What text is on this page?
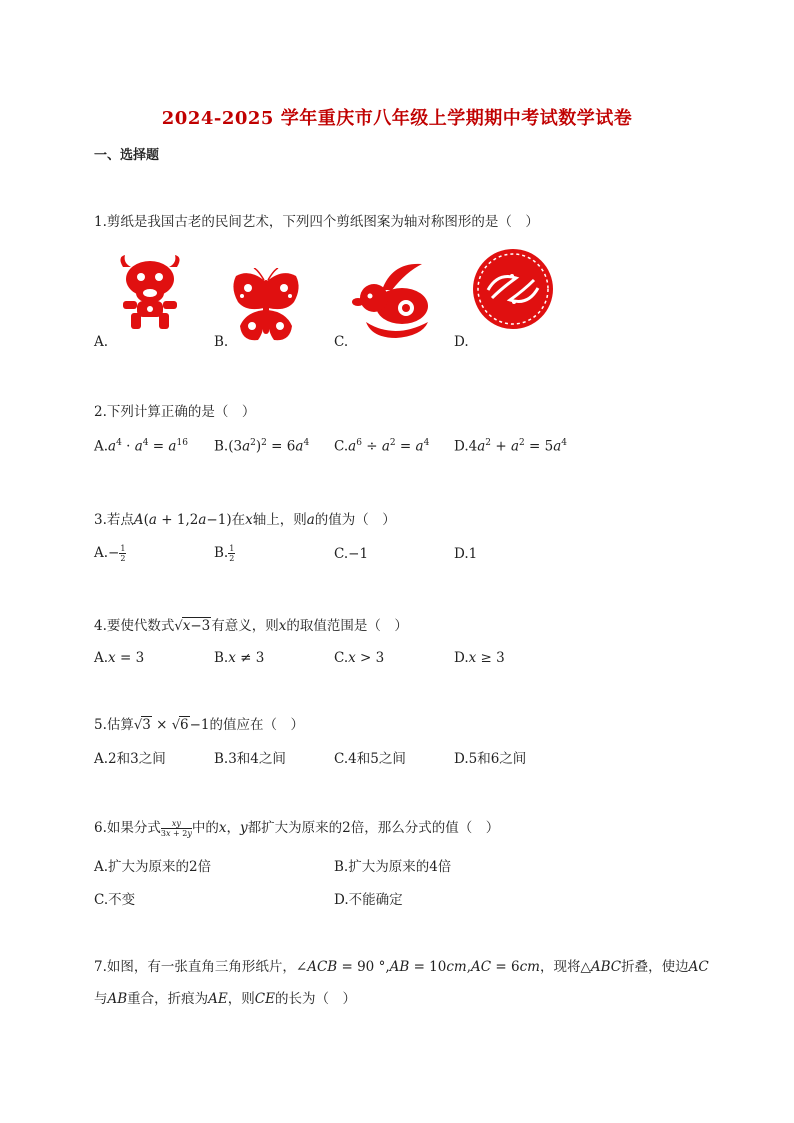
2024-2025 学年重庆市八年级上学期期中考试数学试卷
一、选择题
1.剪纸是我国古老的民间艺术，下列四个剪纸图案为轴对称图形的是（　）
A.	B.	C.	D.
2.下列计算正确的是（　）
$A.a^4 \cdot a^4 = a^{16}$ $B.(3a^2)^2 = 6a^4$ $C.a^6 \div a^2 = a^4$ $D.4a^2 + a^2 = 5a^4$
3.若点A(a + 1,2a−1)在x轴上，则a的值为（　）
$A.- \frac{1}{2}$	B. $\frac{1}{2}$	C.−1	D.1
4.要使代数式√x−3有意义，则x的取值范围是（　）
A.x = 3	B.x ≠ 3	C.x > 3	D.x ≥ 3
5.估算√3 × √6−1的值应在（　）
A.2和3之间	B.3和4之间	C.4和5之间	D.5和6之间
6.如果分式 $\frac{xy}{3x + 2y}$ 中的x，y都扩大为原来的2倍，那么分式的值（　）
A.扩大为原来的2倍	B.扩大为原来的4倍
C.不变	D.不能确定
7.如图，有一张直角三角形纸片，∠ACB = 90 °,AB = 10cm,AC = 6cm，现将△ABC折叠，使边AC
与AB重合，折痕为AE，则CE的长为（　）
